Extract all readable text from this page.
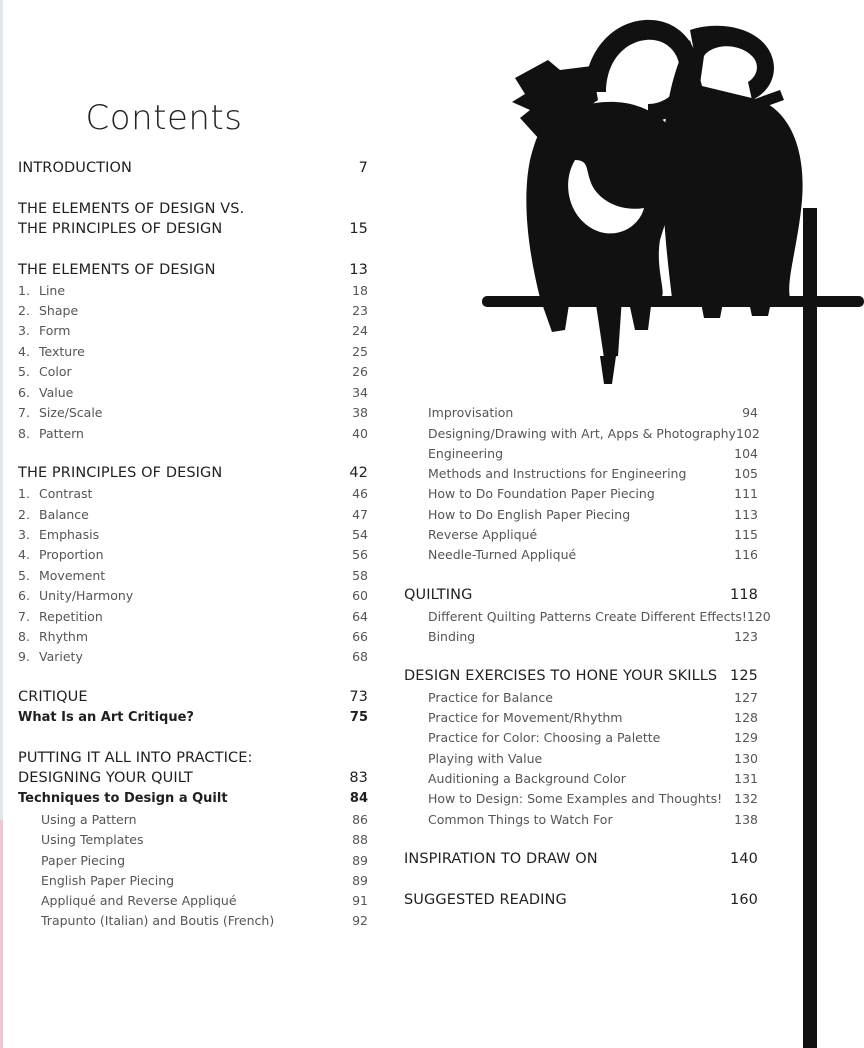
Contents
INTRODUCTION	7
THE ELEMENTS OF DESIGN VS.
THE PRINCIPLES OF DESIGN	15
THE ELEMENTS OF DESIGN	13
1. Line	18
2. Shape	23
3. Form	24
4. Texture	25
5. Color	26
6. Value	34
7. Size/Scale	38
8. Pattern	40
THE PRINCIPLES OF DESIGN	42
1. Contrast	46
2. Balance	47
3. Emphasis	54
4. Proportion	56
5. Movement	58
6. Unity/Harmony	60
7. Repetition	64
8. Rhythm	66
9. Variety	68
CRITIQUE	73
What Is an Art Critique?	75
PUTTING IT ALL INTO PRACTICE:
DESIGNING YOUR QUILT	83
Techniques to Design a Quilt	84
Using a Pattern	86
Using Templates	88
Paper Piecing	89
English Paper Piecing	89
Appliqué and Reverse Appliqué	91
Trapunto (Italian) and Boutis (French)	92
Improvisation	94
Designing/Drawing with Art, Apps & Photography 102
Engineering	104
Methods and Instructions for Engineering	105
How to Do Foundation Paper Piecing	111
How to Do English Paper Piecing	113
Reverse Appliqué	115
Needle-Turned Appliqué	116
QUILTING	118
Different Quilting Patterns Create Different Effects! 120
Binding	123
DESIGN EXERCISES TO HONE YOUR SKILLS 125
Practice for Balance	127
Practice for Movement/Rhythm	128
Practice for Color: Choosing a Palette	129
Playing with Value	130
Auditioning a Background Color	131
How to Design: Some Examples and Thoughts! 132
Common Things to Watch For	138
INSPIRATION TO DRAW ON	140
SUGGESTED READING	160
